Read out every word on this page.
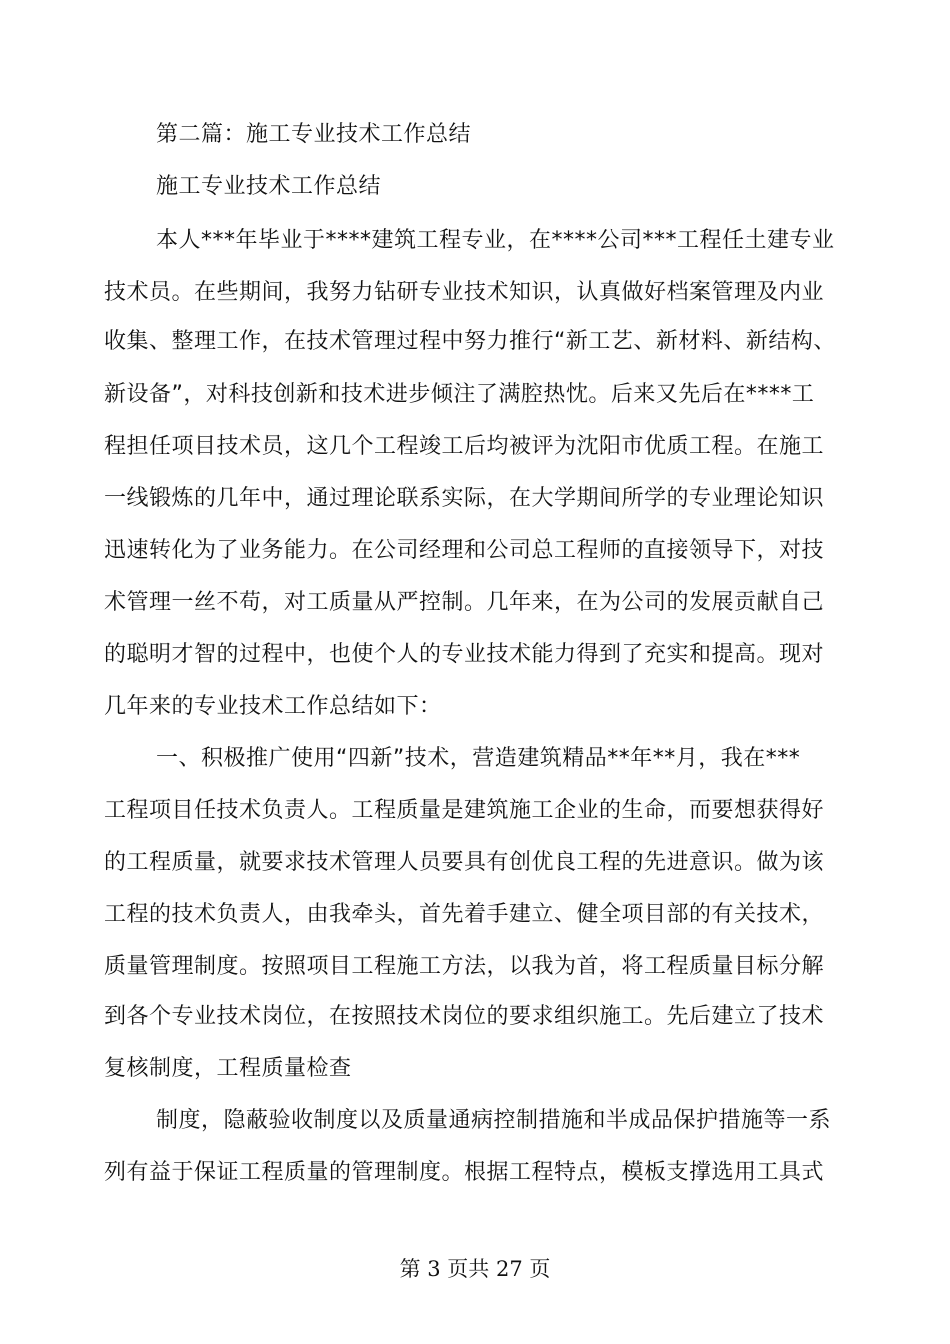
第二篇：施工专业技术工作总结
施工专业技术工作总结
本人***年毕业于****建筑工程专业，在****公司***工程任土建专业
技术员。在些期间，我努力钻研专业技术知识，认真做好档案管理及内业
收集、整理工作，在技术管理过程中努力推行“新工艺、新材料、新结构、
新设备”，对科技创新和技术进步倾注了满腔热忱。后来又先后在****工
程担任项目技术员，这几个工程竣工后均被评为沈阳市优质工程。在施工
一线锻炼的几年中，通过理论联系实际，在大学期间所学的专业理论知识
迅速转化为了业务能力。在公司经理和公司总工程师的直接领导下，对技
术管理一丝不苟，对工质量从严控制。几年来，在为公司的发展贡献自己
的聪明才智的过程中，也使个人的专业技术能力得到了充实和提高。现对
几年来的专业技术工作总结如下：
一、积极推广使用“四新”技术，营造建筑精品**年**月，我在***
工程项目任技术负责人。工程质量是建筑施工企业的生命，而要想获得好
的工程质量，就要求技术管理人员要具有创优良工程的先进意识。做为该
工程的技术负责人，由我牵头，首先着手建立、健全项目部的有关技术，
质量管理制度。按照项目工程施工方法，以我为首，将工程质量目标分解
到各个专业技术岗位，在按照技术岗位的要求组织施工。先后建立了技术
复核制度，工程质量检查
制度，隐蔽验收制度以及质量通病控制措施和半成品保护措施等一系
列有益于保证工程质量的管理制度。根据工程特点，模板支撑选用工具式
第 3 页共 27 页
